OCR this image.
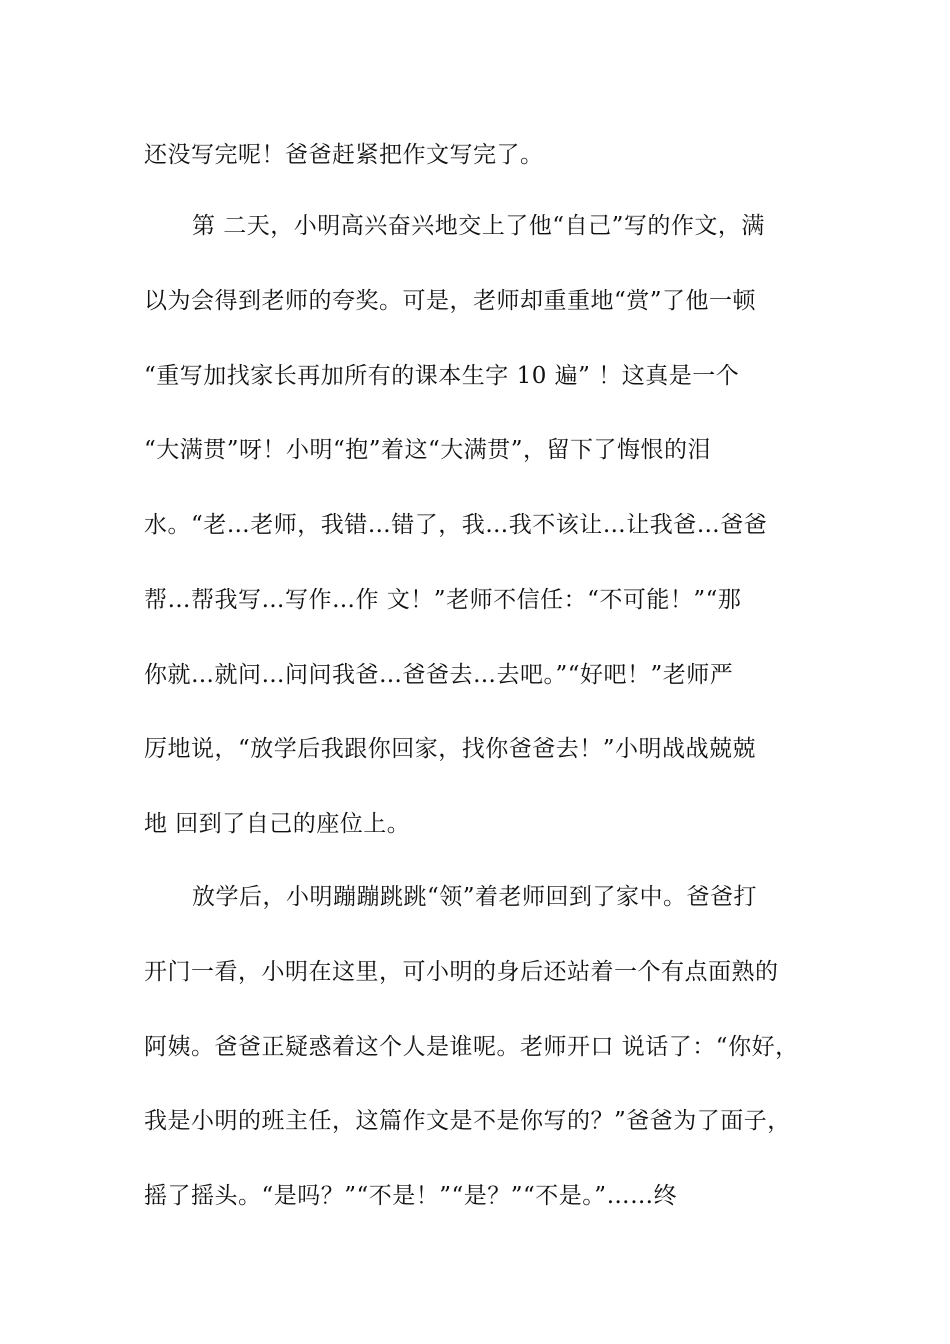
还没写完呢！爸爸赶紧把作文写完了。
第 二天，小明高兴奋兴地交上了他“自己”写的作文，满
以为会得到老师的夸奖。可是，老师却重重地“赏”了他一顿
“重写加找家长再加所有的课本生字 10 遍” ！这真是一个
“大满贯”呀！小明“抱”着这“大满贯”，留下了悔恨的泪
水。“老…老师，我错…错了，我…我不该让…让我爸…爸爸
帮…帮我写…写作…作 文！”老师不信任：“不可能！”“那
你就…就问…问问我爸…爸爸去…去吧。”“好吧！”老师严
厉地说，“放学后我跟你回家，找你爸爸去！”小明战战兢兢
地 回到了自己的座位上。
放学后，小明蹦蹦跳跳“领”着老师回到了家中。爸爸打
开门一看，小明在这里，可小明的身后还站着一个有点面熟的
阿姨。爸爸正疑惑着这个人是谁呢。老师开口 说话了：“你好，
我是小明的班主任，这篇作文是不是你写的？”爸爸为了面子，
摇了摇头。“是吗？”“不是！”“是？”“不是。”……终
